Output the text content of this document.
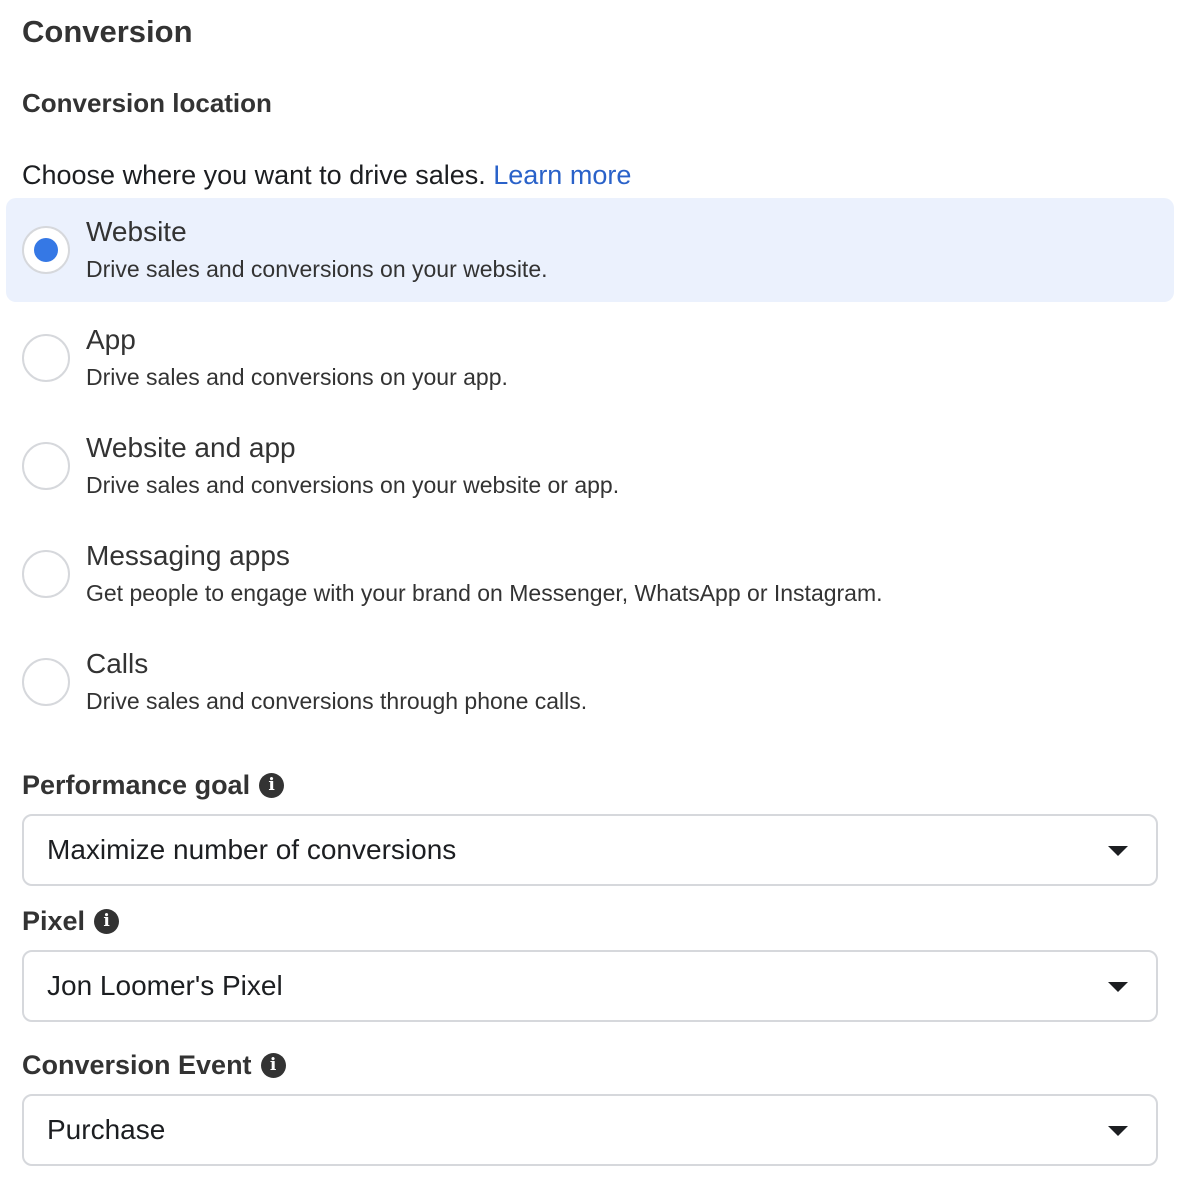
Conversion
Conversion location
Choose where you want to drive sales. Learn more
Website
Drive sales and conversions on your website.
App
Drive sales and conversions on your app.
Website and app
Drive sales and conversions on your website or app.
Messaging apps
Get people to engage with your brand on Messenger, WhatsApp or Instagram.
Calls
Drive sales and conversions through phone calls.
Performance goal	i
Maximize number of conversions
Pixel	i
Jon Loomer's Pixel
Conversion Event	i
Purchase
